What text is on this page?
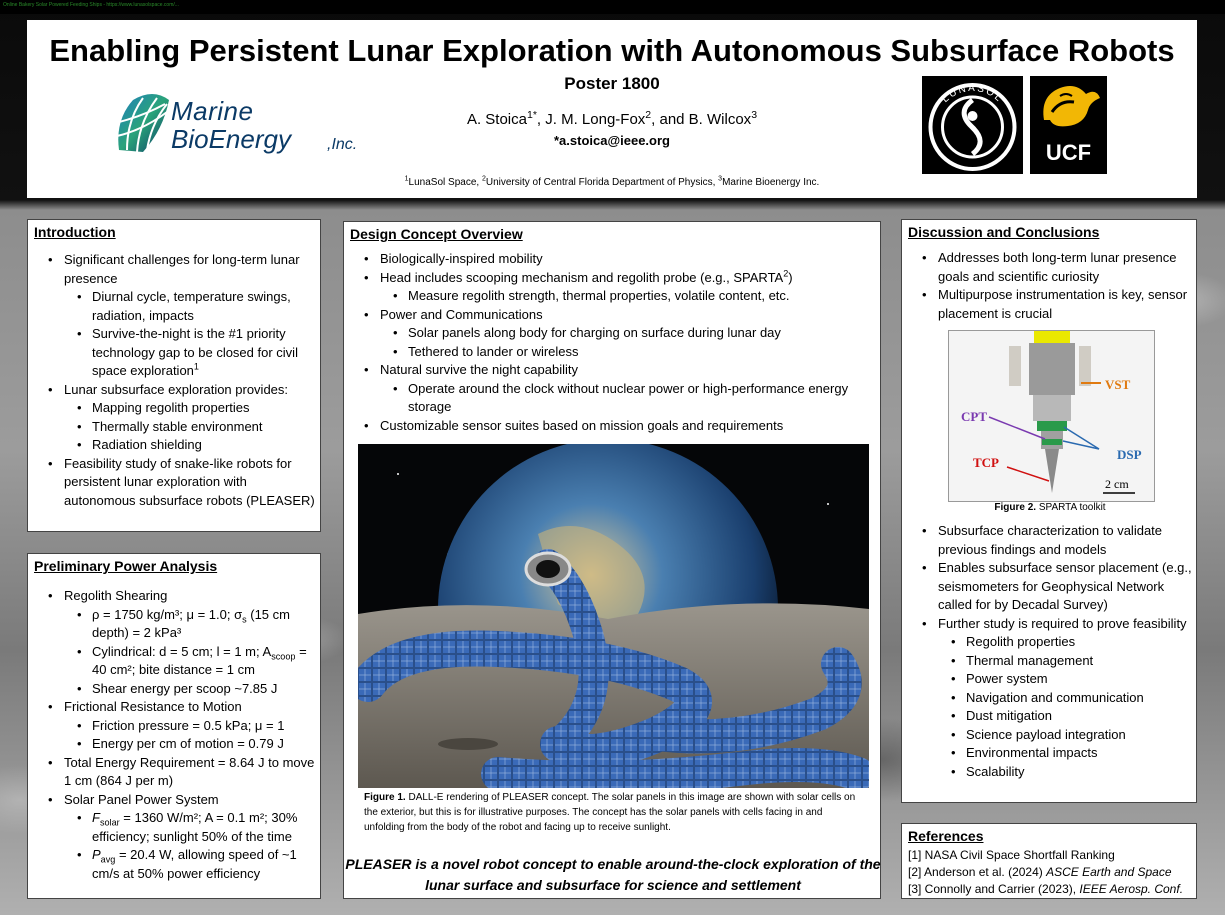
Online Bakery Solar Powered Feeding Ships - https://www.lunasolspace.com/...
Enabling Persistent Lunar Exploration with Autonomous Subsurface Robots
Poster 1800
A. Stoica$^{1*}$, J. M. Long-Fox$^2$, and B. Wilcox$^3$
*a.stoica@ieee.org
$^1$LunaSol Space, $^2$University of Central Florida Department of Physics, $^3$Marine Bioenergy Inc.
Marine
BioEnergy ,Inc.
LUNASOL
UCF
Introduction
• Significant challenges for long-term lunar presence
• Diurnal cycle, temperature swings, radiation, impacts
• Survive-the-night is the #1 priority technology gap to be closed for civil space exploration$^1$
• Lunar subsurface exploration provides:
• Mapping regolith properties
• Thermally stable environment
• Radiation shielding
• Feasibility study of snake-like robots for persistent lunar exploration with autonomous subsurface robots (PLEASER)
Preliminary Power Analysis
• Regolith Shearing
• ρ = 1750 kg/m³; μ = 1.0; $\sigma_s$ (15 cm depth) = 2 kPa³
• Cylindrical: d = 5 cm; l = 1 m; $A_{scoop} = 40$ cm²; bite distance = 1 cm
• Shear energy per scoop ~7.85 J
• Frictional Resistance to Motion
• Friction pressure = 0.5 kPa; μ = 1
• Energy per cm of motion = 0.79 J
• Total Energy Requirement = 8.64 J to move 1 cm (864 J per m)
• Solar Panel Power System
• $F_{solar} = 1360$ W/m²; A = 0.1 m²; 30% efficiency; sunlight 50% of the time
• $P_{avg} = 20.4$ W, allowing speed of ~1 cm/s at 50% power efficiency
Design Concept Overview
• Biologically-inspired mobility
• Head includes scooping mechanism and regolith probe (e.g., SPARTA$^2$)
• Measure regolith strength, thermal properties, volatile content, etc.
• Power and Communications
• Solar panels along body for charging on surface during lunar day
• Tethered to lander or wireless
• Natural survive the night capability
• Operate around the clock without nuclear power or high-performance energy storage
• Customizable sensor suites based on mission goals and requirements
Figure 1. DALL-E rendering of PLEASER concept. The solar panels in this image are shown with solar cells on the exterior, but this is for illustrative purposes. The concept has the solar panels with cells facing in and unfolding from the body of the robot and facing up to receive sunlight.
PLEASER is a novel robot concept to enable around-the-clock exploration of the lunar surface and subsurface for science and settlement
Discussion and Conclusions
• Addresses both long-term lunar presence goals and scientific curiosity
• Multipurpose instrumentation is key, sensor placement is crucial
VST
CPT
DSP
TCP
2 cm
Figure 2. SPARTA toolkit
• Subsurface characterization to validate previous findings and models
• Enables subsurface sensor placement (e.g., seismometers for Geophysical Network called for by Decadal Survey)
• Further study is required to prove feasibility
• Regolith properties
• Thermal management
• Power system
• Navigation and communication
• Dust mitigation
• Science payload integration
• Environmental impacts
• Scalability
References
[1] NASA Civil Space Shortfall Ranking
[2] Anderson et al. (2024) ASCE Earth and Space
[3] Connolly and Carrier (2023), IEEE Aerosp. Conf.
